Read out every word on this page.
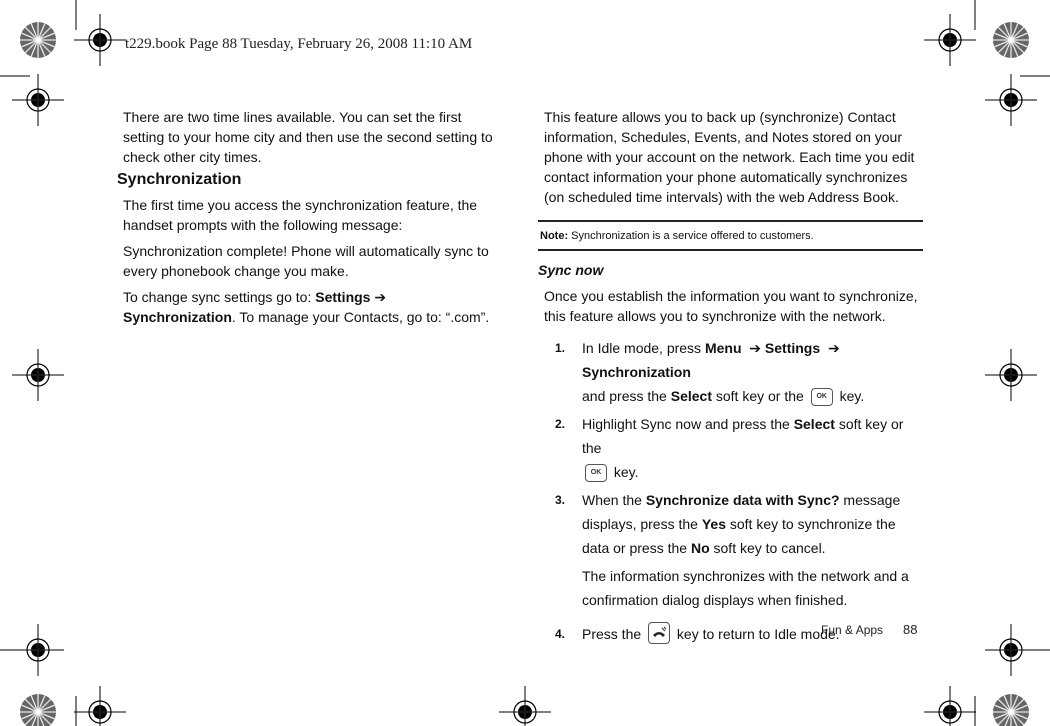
t229.book Page 88 Tuesday, February 26, 2008 11:10 AM

There are two time lines available. You can set the first setting to your home city and then use the second setting to check other city times.

Synchronization

The first time you access the synchronization feature, the handset prompts with the following message:

Synchronization complete! Phone will automatically sync to every phonebook change you make.

To change sync settings go to: Settings ➔ Synchronization. To manage your Contacts, go to: “.com”.

This feature allows you to back up (synchronize) Contact information, Schedules, Events, and Notes stored on your phone with your account on the network. Each time you edit contact information your phone automatically synchronizes (on scheduled time intervals) with the web Address Book.

Note: Synchronization is a service offered to customers.
Sync now

Once you establish the information you want to synchronize, this feature allows you to synchronize with the network.

1. In Idle mode, press Menu ➔ Settings ➔ Synchronization
and press the Select soft key or the OK key.
2. Highlight Sync now and press the Select soft key or the
OK key.
3. When the Synchronize data with Sync? message displays, press the Yes soft key to synchronize the data or press the No soft key to cancel.
The information synchronizes with the network and a confirmation dialog displays when finished.
4. Press the  key to return to Idle mode.
Fun & Apps 88
